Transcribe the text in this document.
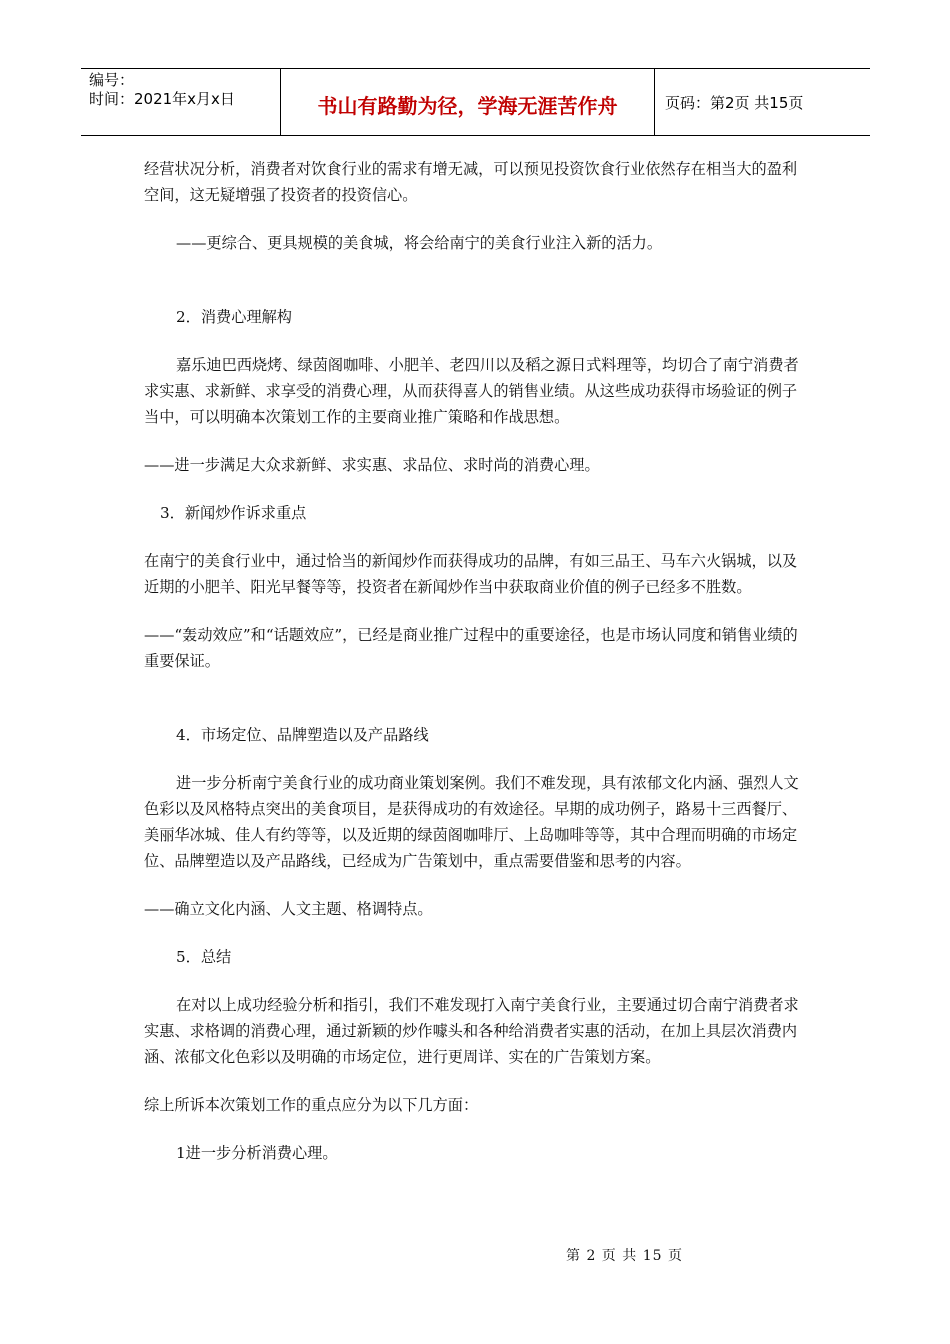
编号：
时间：2021年x月x日	书山有路勤为径，学海无涯苦作舟	页码：第2页 共15页

经营状况分析，消费者对饮食行业的需求有增无减，可以预见投资饮食行业依然存在相当大的盈利空间，这无疑增强了投资者的投资信心。

——更综合、更具规模的美食城，将会给南宁的美食行业注入新的活力。

2．消费心理解构

嘉乐迪巴西烧烤、绿茵阁咖啡、小肥羊、老四川以及稻之源日式料理等，均切合了南宁消费者求实惠、求新鲜、求享受的消费心理，从而获得喜人的销售业绩。从这些成功获得市场验证的例子当中，可以明确本次策划工作的主要商业推广策略和作战思想。

——进一步满足大众求新鲜、求实惠、求品位、求时尚的消费心理。

3．新闻炒作诉求重点

在南宁的美食行业中，通过恰当的新闻炒作而获得成功的品牌，有如三品王、马车六火锅城，以及近期的小肥羊、阳光早餐等等，投资者在新闻炒作当中获取商业价值的例子已经多不胜数。

——“轰动效应”和“话题效应”，已经是商业推广过程中的重要途径，也是市场认同度和销售业绩的重要保证。

4．市场定位、品牌塑造以及产品路线

进一步分析南宁美食行业的成功商业策划案例。我们不难发现，具有浓郁文化内涵、强烈人文色彩以及风格特点突出的美食项目，是获得成功的有效途径。早期的成功例子，路易十三西餐厅、美丽华冰城、佳人有约等等，以及近期的绿茵阁咖啡厅、上岛咖啡等等，其中合理而明确的市场定位、品牌塑造以及产品路线，已经成为广告策划中，重点需要借鉴和思考的内容。

——确立文化内涵、人文主题、格调特点。

5．总结

在对以上成功经验分析和指引，我们不难发现打入南宁美食行业，主要通过切合南宁消费者求实惠、求格调的消费心理，通过新颖的炒作噱头和各种给消费者实惠的活动，在加上具层次消费内涵、浓郁文化色彩以及明确的市场定位，进行更周详、实在的广告策划方案。

综上所诉本次策划工作的重点应分为以下几方面：

1进一步分析消费心理。

第 2 页 共 15 页
